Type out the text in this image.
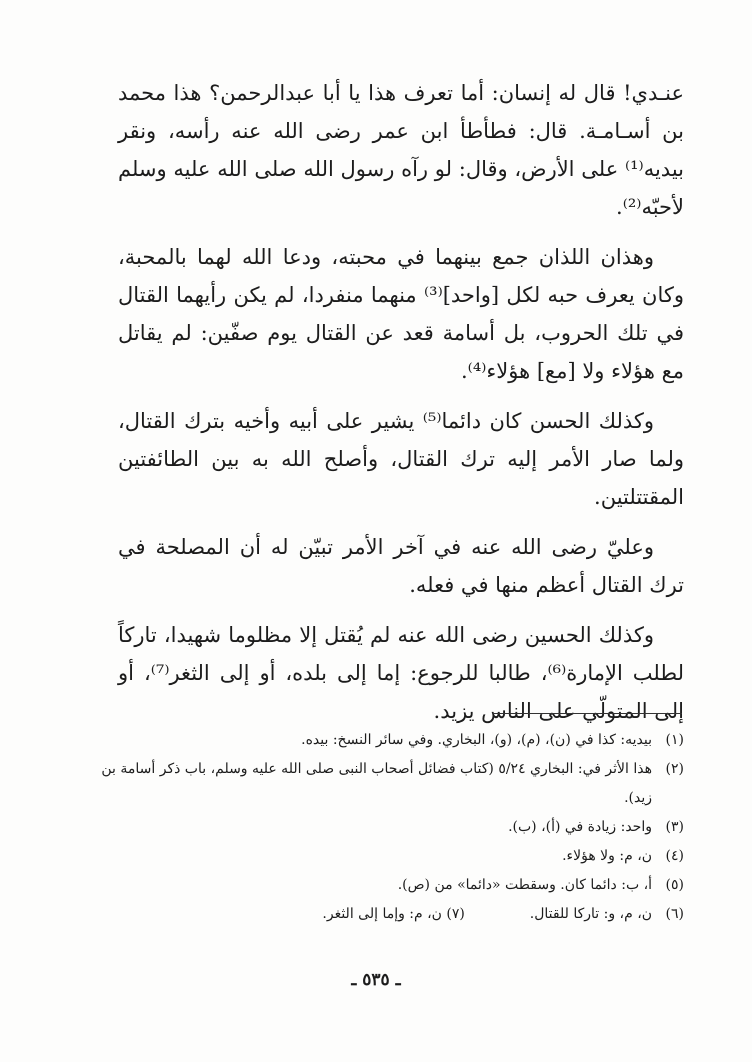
عنـدي! قال له إنسان: أما تعرف هذا يا أبا عبدالرحمن؟ هذا محمد بن أسـامـة. قال: فطأطأ ابن عمر رضى الله عنه رأسه، ونقر بيديه⁽¹⁾ على الأرض، وقال: لو رآه رسول الله صلى الله عليه وسلم لأحبّه⁽²⁾.

وهذان اللذان جمع بينهما في محبته، ودعا الله لهما بالمحبة، وكان يعرف حبه لكل [واحد]⁽³⁾ منهما منفردا، لم يكن رأيهما القتال في تلك الحروب، بل أسامة قعد عن القتال يوم صفّين: لم يقاتل مع هؤلاء ولا [مع] هؤلاء⁽⁴⁾.

وكذلك الحسن كان دائما⁽⁵⁾ يشير على أبيه وأخيه بترك القتال، ولما صار الأمر إليه ترك القتال، وأصلح الله به بين الطائفتين المقتتلتين.

وعليّ رضى الله عنه في آخر الأمر تبيّن له أن المصلحة في ترك القتال أعظم منها في فعله.

وكذلك الحسين رضى الله عنه لم يُقتل إلا مظلوما شهيدا، تاركاً لطلب الإمارة⁽⁶⁾، طالبا للرجوع: إما إلى بلده، أو إلى الثغر⁽⁷⁾، أو إلى المتولّي على الناس يزيد.

(١)
بيديه: كذا في (ن)، (م)، (و)، البخاري. وفي سائر النسخ: بيده.
(٢)
هذا الأثر في: البخاري ٥/٢٤ (كتاب فضائل أصحاب النبى صلى الله عليه وسلم، باب ذكر أسامة بن زيد).
(٣)
واحد: زيادة في (أ)، (ب).
(٤)
ن، م: ولا هؤلاء.
(٥)
أ، ب: دائما كان. وسقطت «دائما» من (ص).
(٦)
ن، م، و: تاركا للقتال.  (٧) ن، م: وإما إلى الثغر.
ـ ٥٣٥ ـ
